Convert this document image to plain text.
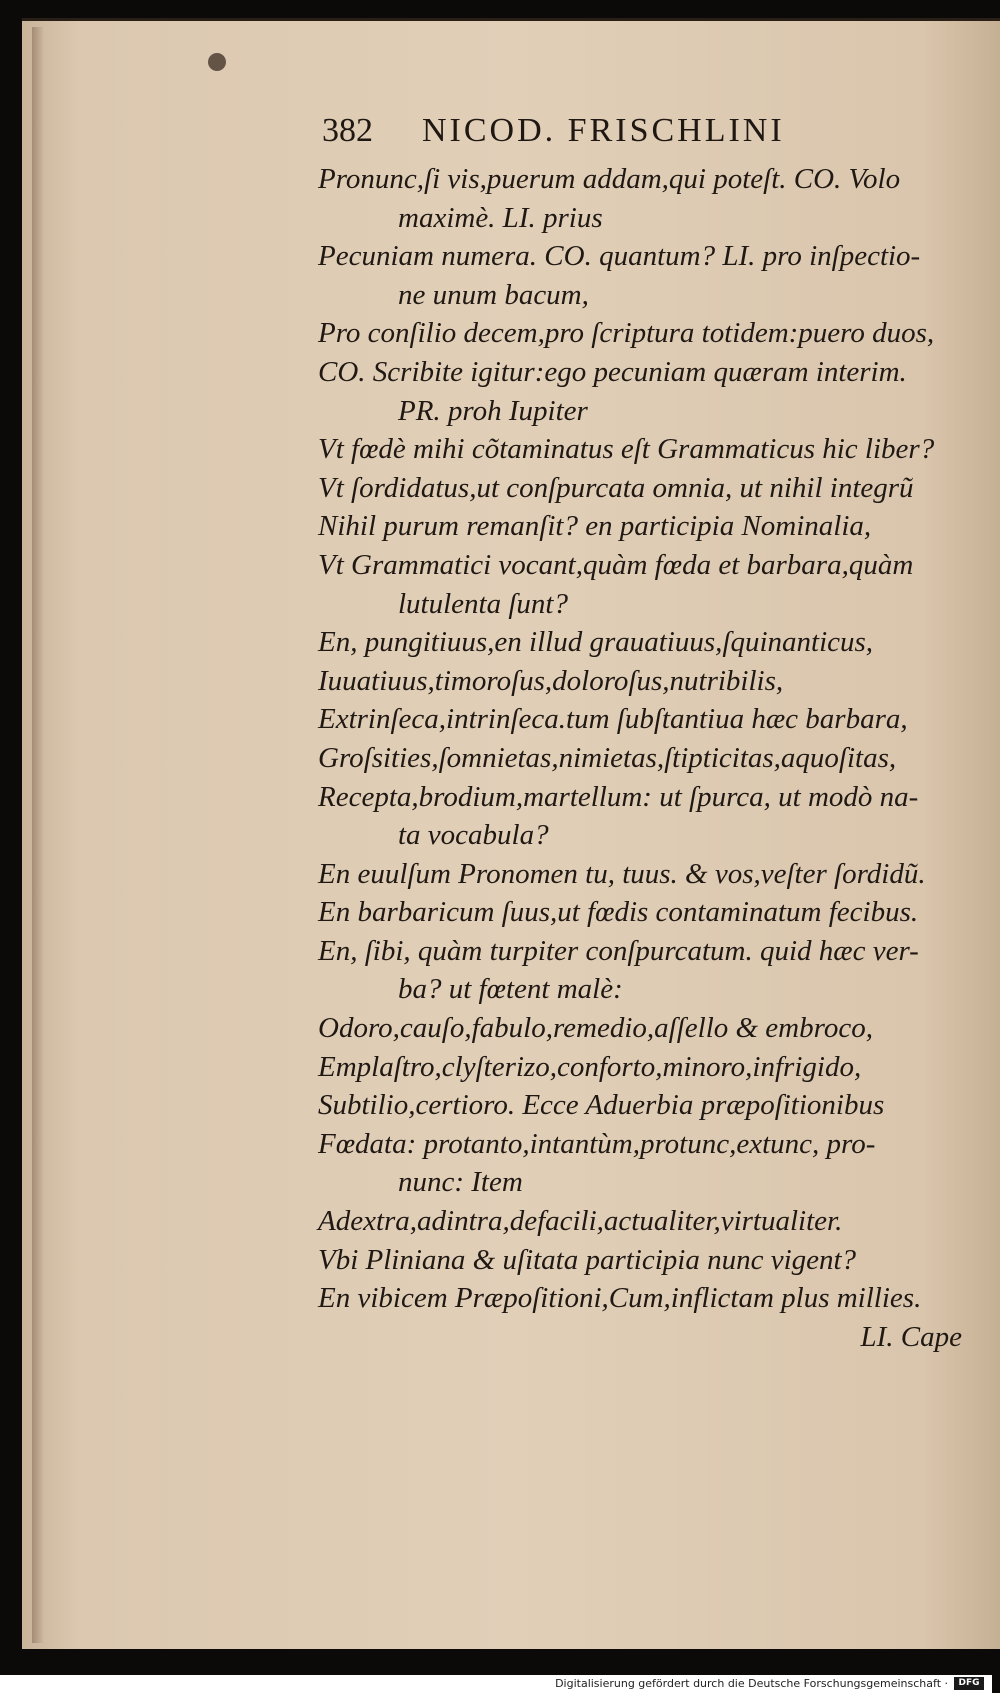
382 NICOD. FRISCHLINI
Pronunc,ſi vis,puerum addam,qui poteſt. CO. Volo
maximè. LI. prius
Pecuniam numera. CO. quantum? LI. pro inſpectio-
ne unum bacum,
Pro conſilio decem,pro ſcriptura totidem:puero duos,
CO. Scribite igitur:ego pecuniam quæram interim.
PR. proh Iupiter
Vt fœdè mihi cõtaminatus eſt Grammaticus hic liber?
Vt ſordidatus,ut conſpurcata omnia, ut nihil integrũ
Nihil purum remanſit? en participia Nominalia,
Vt Grammatici vocant,quàm fœda et barbara,quàm
lutulenta ſunt?
En, pungitiuus,en illud grauatiuus,ſquinanticus,
Iuuatiuus,timoroſus,doloroſus,nutribilis,
Extrinſeca,intrinſeca.tum ſubſtantiua hæc barbara,
Groſsities,ſomnietas,nimietas,ſtipticitas,aquoſitas,
Recepta,brodium,martellum: ut ſpurca, ut modò na-
ta vocabula?
En euulſum Pronomen tu, tuus. & vos,veſter ſordidũ.
En barbaricum ſuus,ut fœdis contaminatum fecibus.
En, ſibi, quàm turpiter conſpurcatum. quid hæc ver-
ba? ut fœtent malè:
Odoro,cauſo,fabulo,remedio,aſſello & embroco,
Emplaſtro,clyſterizo,conforto,minoro,infrigido,
Subtilio,certioro. Ecce Aduerbia præpoſitionibus
Fœdata: protanto,intantùm,protunc,extunc, pro-
nunc: Item
Adextra,adintra,defacili,actualiter,virtualiter.
Vbi Pliniana & uſitata participia nunc vigent?
En vibicem Præpoſitioni,Cum,inflictam plus millies.
LI. Cape
Digitalisierung gefördert durch die Deutsche Forschungsgemeinschaft ·	DFG
